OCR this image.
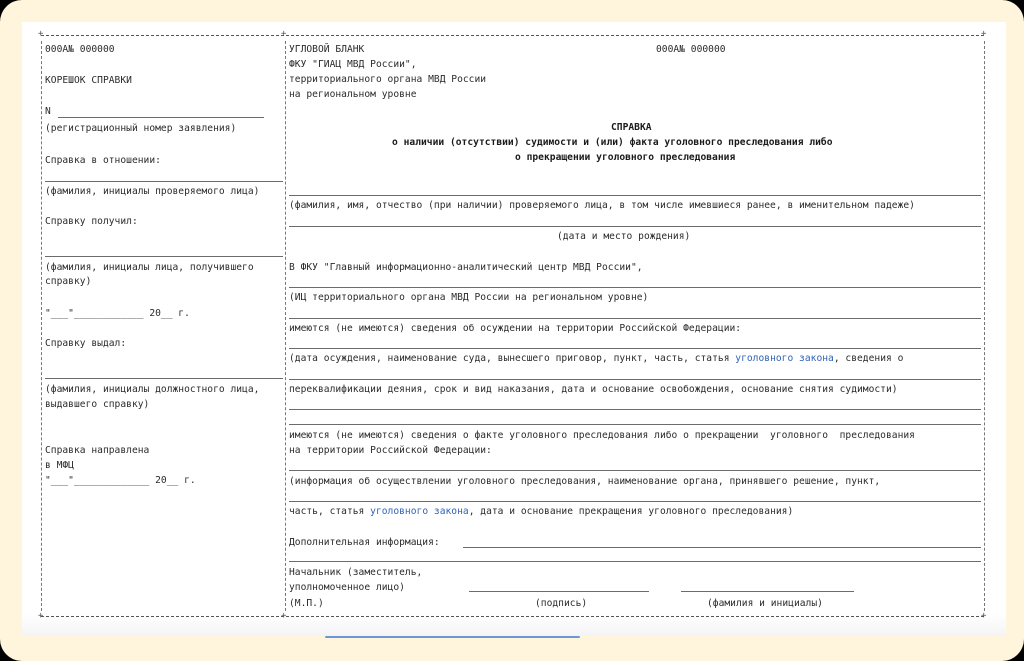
+	+	+
+	+	+
000A№ 000000
КОРЕШОК СПРАВКИ
N
(регистрационный номер заявления)
Справка в отношении:
(фамилия, инициалы проверяемого лица)
Справку получил:
(фамилия, инициалы лица, получившего
справку)
"___"____________ 20__ г.
Справку выдал:
(фамилия, инициалы должностного лица,
выдавшего справку)
Справка направлена
в МФЦ
"___"_____________ 20__ г.
УГЛОВОЙ БЛАНК	000A№ 000000
ФКУ "ГИАЦ МВД России",
территориального органа МВД России
на региональном уровне
СПРАВКА
о наличии (отсутствии) судимости и (или) факта уголовного преследования либо
о прекращении уголовного преследования
(фамилия, имя, отчество (при наличии) проверяемого лица, в том числе имевшиеся ранее, в именительном падеже)
(дата и место рождения)
В ФКУ "Главный информационно-аналитический центр МВД России",
(ИЦ территориального органа МВД России на региональном уровне)
имеются (не имеются) сведения об осуждении на территории Российской Федерации:
(дата осуждения, наименование суда, вынесшего приговор, пункт, часть, статья уголовного закона, сведения о
переквалификации деяния, срок и вид наказания, дата и основание освобождения, основание снятия судимости)
имеются (не имеются) сведения о факте уголовного преследования либо о прекращении  уголовного  преследования
на территории Российской Федерации:
(информация об осуществлении уголовного преследования, наименование органа, принявшего решение, пункт,
часть, статья уголовного закона, дата и основание прекращения уголовного преследования)
Дополнительная информация:
Начальник (заместитель,
уполномоченное лицо)
(М.П.)	(подпись)	(фамилия и инициалы)
